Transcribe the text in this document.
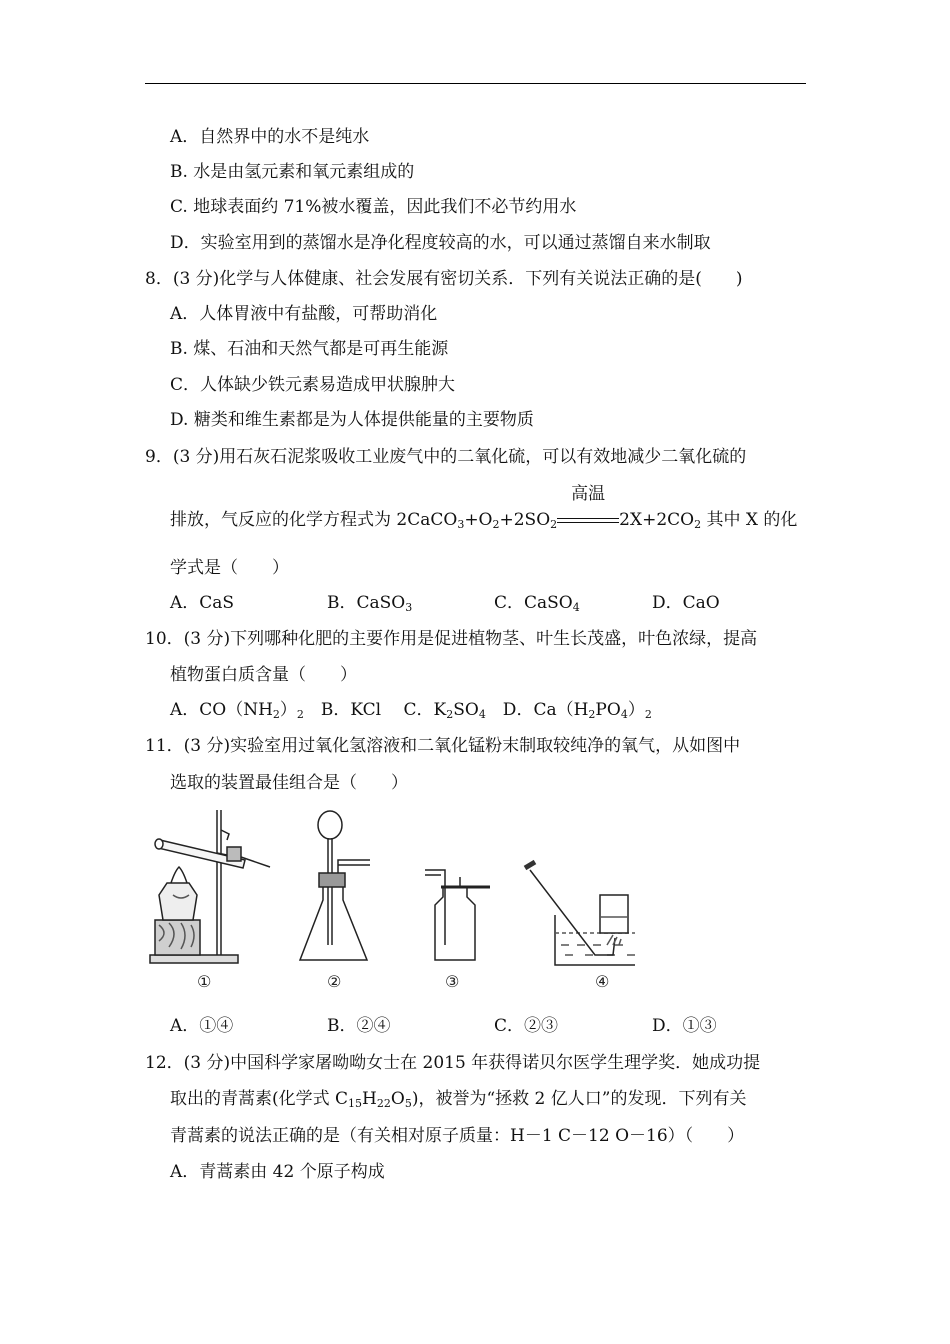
A．自然界中的水不是纯水
B. 水是由氢元素和氧元素组成的
C. 地球表面约 71%被水覆盖，因此我们不必节约用水
D．实验室用到的蒸馏水是净化程度较高的水，可以通过蒸馏自来水制取
8．(3 分)化学与人体健康、社会发展有密切关系．下列有关说法正确的是(　　)
A．人体胃液中有盐酸，可帮助消化
B. 煤、石油和天然气都是可再生能源
C．人体缺少铁元素易造成甲状腺肿大
D. 糖类和维生素都是为人体提供能量的主要物质
9．(3 分)用石灰石泥浆吸收工业废气中的二氧化硫，可以有效地减少二氧化硫的
排放，气反应的化学方程式为 $2CaCO_3+O_2+2SO_2$
高温
$2X+2CO_2$ 其中 X 的化
学式是（　　）
A．CaS	B．CaSO$_3$	C．CaSO$_4$	D．CaO
10．(3 分)下列哪种化肥的主要作用是促进植物茎、叶生长茂盛，叶色浓绿，提高
植物蛋白质含量（　　）
A．$CO(NH_2)_2$　B．KCl　 C．$K_2SO_4$　D．$Ca(H_2PO_4)_2$
11．(3 分)实验室用过氧化氢溶液和二氧化锰粉末制取较纯净的氧气，从如图中
选取的装置最佳组合是（　　）
①	②	③	④
A．①④	B．②④	C．②③	D．①③
12．(3 分)中国科学家屠呦呦女士在 2015 年获得诺贝尔医学生理学奖．她成功提
取出的青蒿素(化学式 $C_{15}H_{22}O_5$)，被誉为“拯救 2 亿人口”的发现．下列有关
青蒿素的说法正确的是（有关相对原子质量：H－1 C－12 O－16）（　　）
A．青蒿素由 42 个原子构成
